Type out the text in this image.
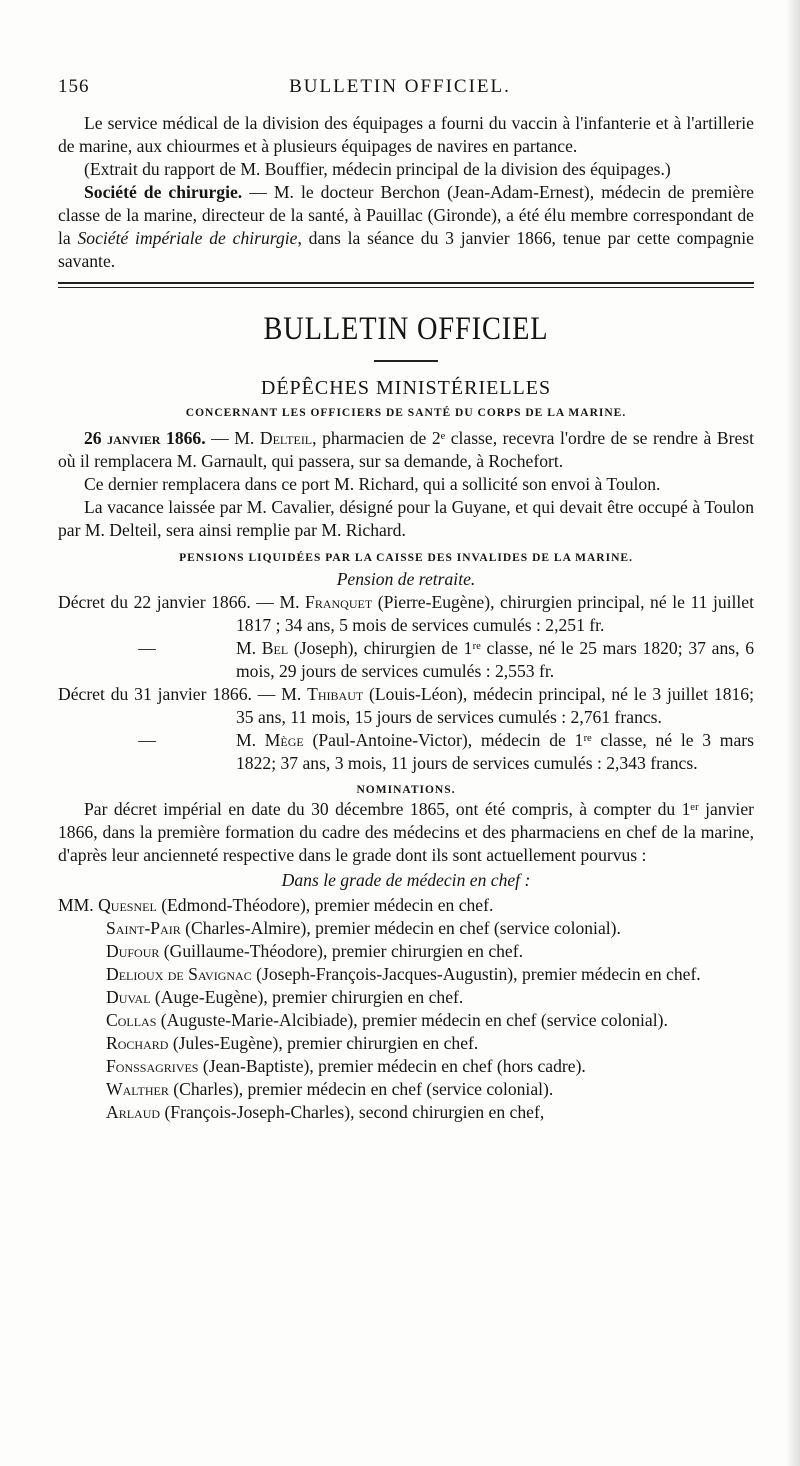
156	BULLETIN OFFICIEL.

Le service médical de la division des équipages a fourni du vaccin à l'infanterie et à l'artillerie de marine, aux chiourmes et à plusieurs équipages de navires en partance.

(Extrait du rapport de M. Bouffier, médecin principal de la division des équipages.)

Société de chirurgie. — M. le docteur Berchon (Jean-Adam-Ernest), médecin de première classe de la marine, directeur de la santé, à Pauillac (Gironde), a été élu membre correspondant de la Société impériale de chirurgie, dans la séance du 3 janvier 1866, tenue par cette compagnie savante.

BULLETIN OFFICIEL
DÉPÊCHES MINISTÉRIELLES
CONCERNANT LES OFFICIERS DE SANTÉ DU CORPS DE LA MARINE.

26 janvier 1866. — M. Delteil, pharmacien de 2ᵉ classe, recevra l'ordre de se rendre à Brest où il remplacera M. Garnault, qui passera, sur sa demande, à Rochefort.

Ce dernier remplacera dans ce port M. Richard, qui a sollicité son envoi à Toulon.

La vacance laissée par M. Cavalier, désigné pour la Guyane, et qui devait être occupé à Toulon par M. Delteil, sera ainsi remplie par M. Richard.

PENSIONS LIQUIDÉES PAR LA CAISSE DES INVALIDES DE LA MARINE.
Pension de retraite.

Décret du 22 janvier 1866. — M. Franquet (Pierre-Eugène), chirurgien principal, né le 11 juillet 1817 ; 34 ans, 5 mois de services cumulés : 2,251 fr.

—	M. Bel (Joseph), chirurgien de 1ʳᵉ classe, né le 25 mars 1820; 37 ans, 6 mois, 29 jours de services cumulés : 2,553 fr.

Décret du 31 janvier 1866. — M. Thibaut (Louis-Léon), médecin principal, né le 3 juillet 1816; 35 ans, 11 mois, 15 jours de services cumulés : 2,761 francs.

—	M. Mège (Paul-Antoine-Victor), médecin de 1ʳᵉ classe, né le 3 mars 1822; 37 ans, 3 mois, 11 jours de services cumulés : 2,343 francs.

NOMINATIONS.

Par décret impérial en date du 30 décembre 1865, ont été compris, à compter du 1ᵉʳ janvier 1866, dans la première formation du cadre des médecins et des pharmaciens en chef de la marine, d'après leur ancienneté respective dans le grade dont ils sont actuellement pourvus :

Dans le grade de médecin en chef :
MM. Quesnel (Edmond-Théodore), premier médecin en chef.
Saint-Pair (Charles-Almire), premier médecin en chef (service colonial).
Dufour (Guillaume-Théodore), premier chirurgien en chef.
Delioux de Savignac (Joseph-François-Jacques-Augustin), premier médecin en chef.
Duval (Auge-Eugène), premier chirurgien en chef.
Collas (Auguste-Marie-Alcibiade), premier médecin en chef (service colonial).
Rochard (Jules-Eugène), premier chirurgien en chef.
Fonssagrives (Jean-Baptiste), premier médecin en chef (hors cadre).
Walther (Charles), premier médecin en chef (service colonial).
Arlaud (François-Joseph-Charles), second chirurgien en chef,
